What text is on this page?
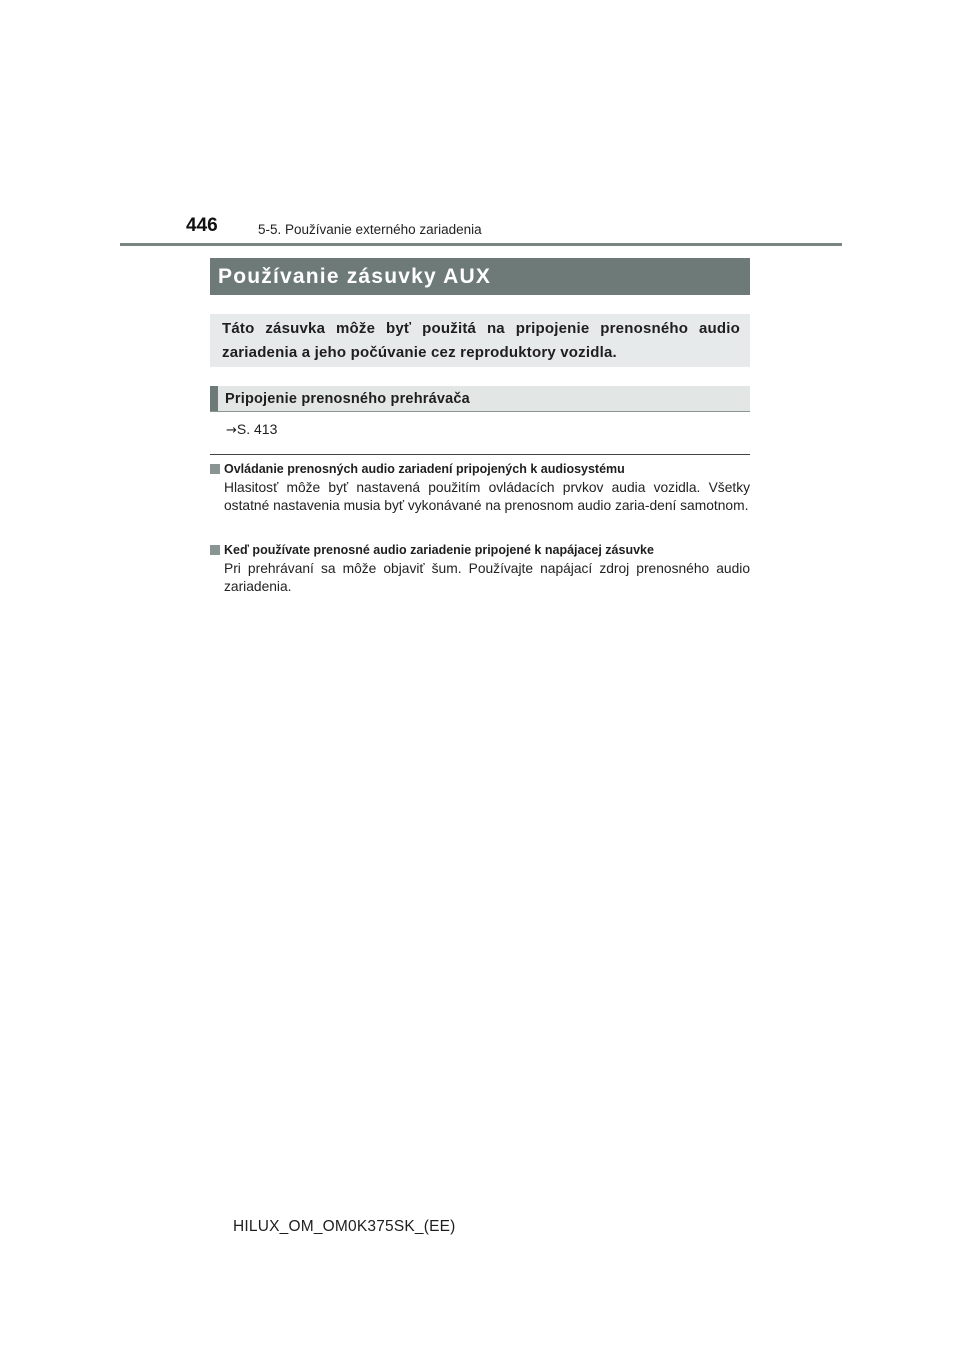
446	5-5. Používanie externého zariadenia
Používanie zásuvky AUX
Táto zásuvka môže byť použitá na pripojenie prenosného audio zariadenia a jeho počúvanie cez reproduktory vozidla.
Pripojenie prenosného prehrávača
→S. 413
Ovládanie prenosných audio zariadení pripojených k audiosystému
Hlasitosť môže byť nastavená použitím ovládacích prvkov audia vozidla. Všetky ostatné nastavenia musia byť vykonávané na prenosnom audio zaria-dení samotnom.
Keď používate prenosné audio zariadenie pripojené k napájacej zásuvke
Pri prehrávaní sa môže objaviť šum. Používajte napájací zdroj prenosného audio zariadenia.
HILUX_OM_OM0K375SK_(EE)
